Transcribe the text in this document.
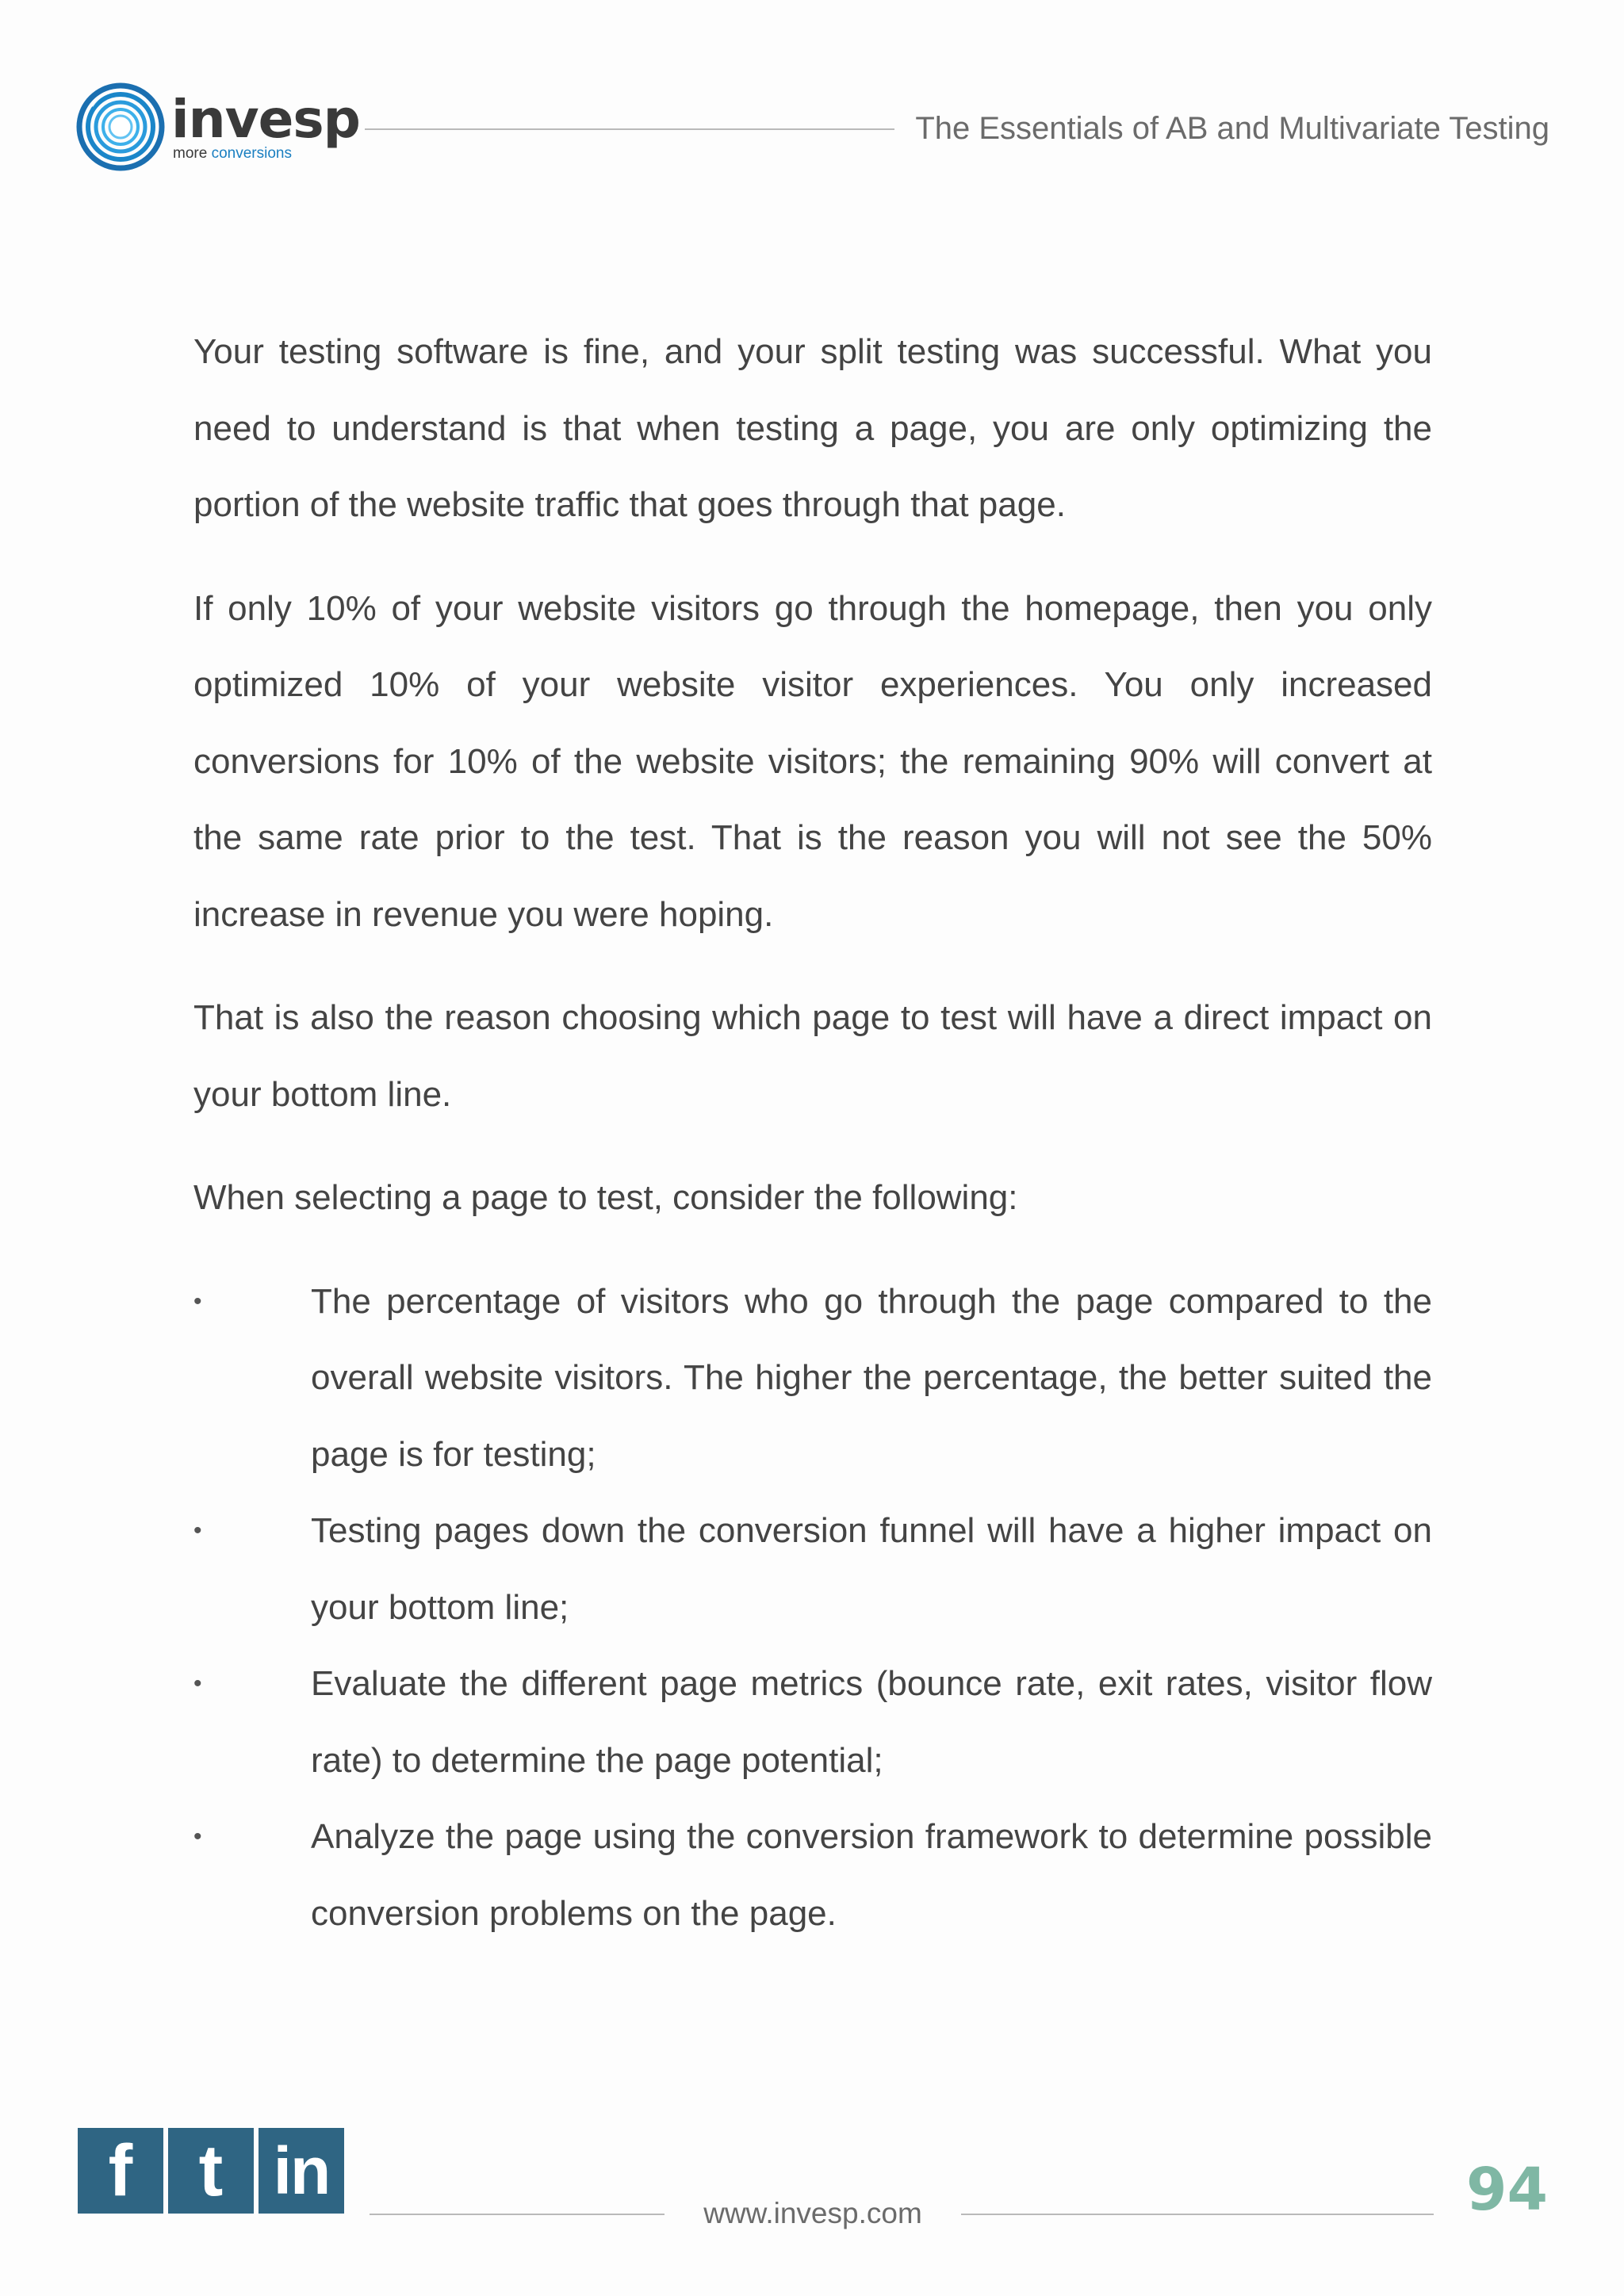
invesp
more conversions
The Essentials of AB and Multivariate Testing

Your testing software is fine, and your split testing was successful. What you need to understand is that when testing a page, you are only optimizing the portion of the website traffic that goes through that page.

If only 10% of your website visitors go through the homepage, then you only optimized 10% of your website visitor experiences. You only increased conversions for 10% of the website visitors; the remaining 90% will convert at the same rate prior to the test. That is the reason you will not see the 50% increase in revenue you were hoping.

That is also the reason choosing which page to test will have a direct impact on your bottom line.

When selecting a page to test, consider the following:

•	The percentage of visitors who go through the page compared to the overall website visitors. The higher the percentage, the better suited the page is for testing;
•	Testing pages down the conversion funnel will have a higher impact on your bottom line;
•	Evaluate the different page metrics (bounce rate, exit rates, visitor flow rate) to determine the page potential;
•	Analyze the page using the conversion framework to determine possible conversion problems on the page.
f t in
www.invesp.com	94
